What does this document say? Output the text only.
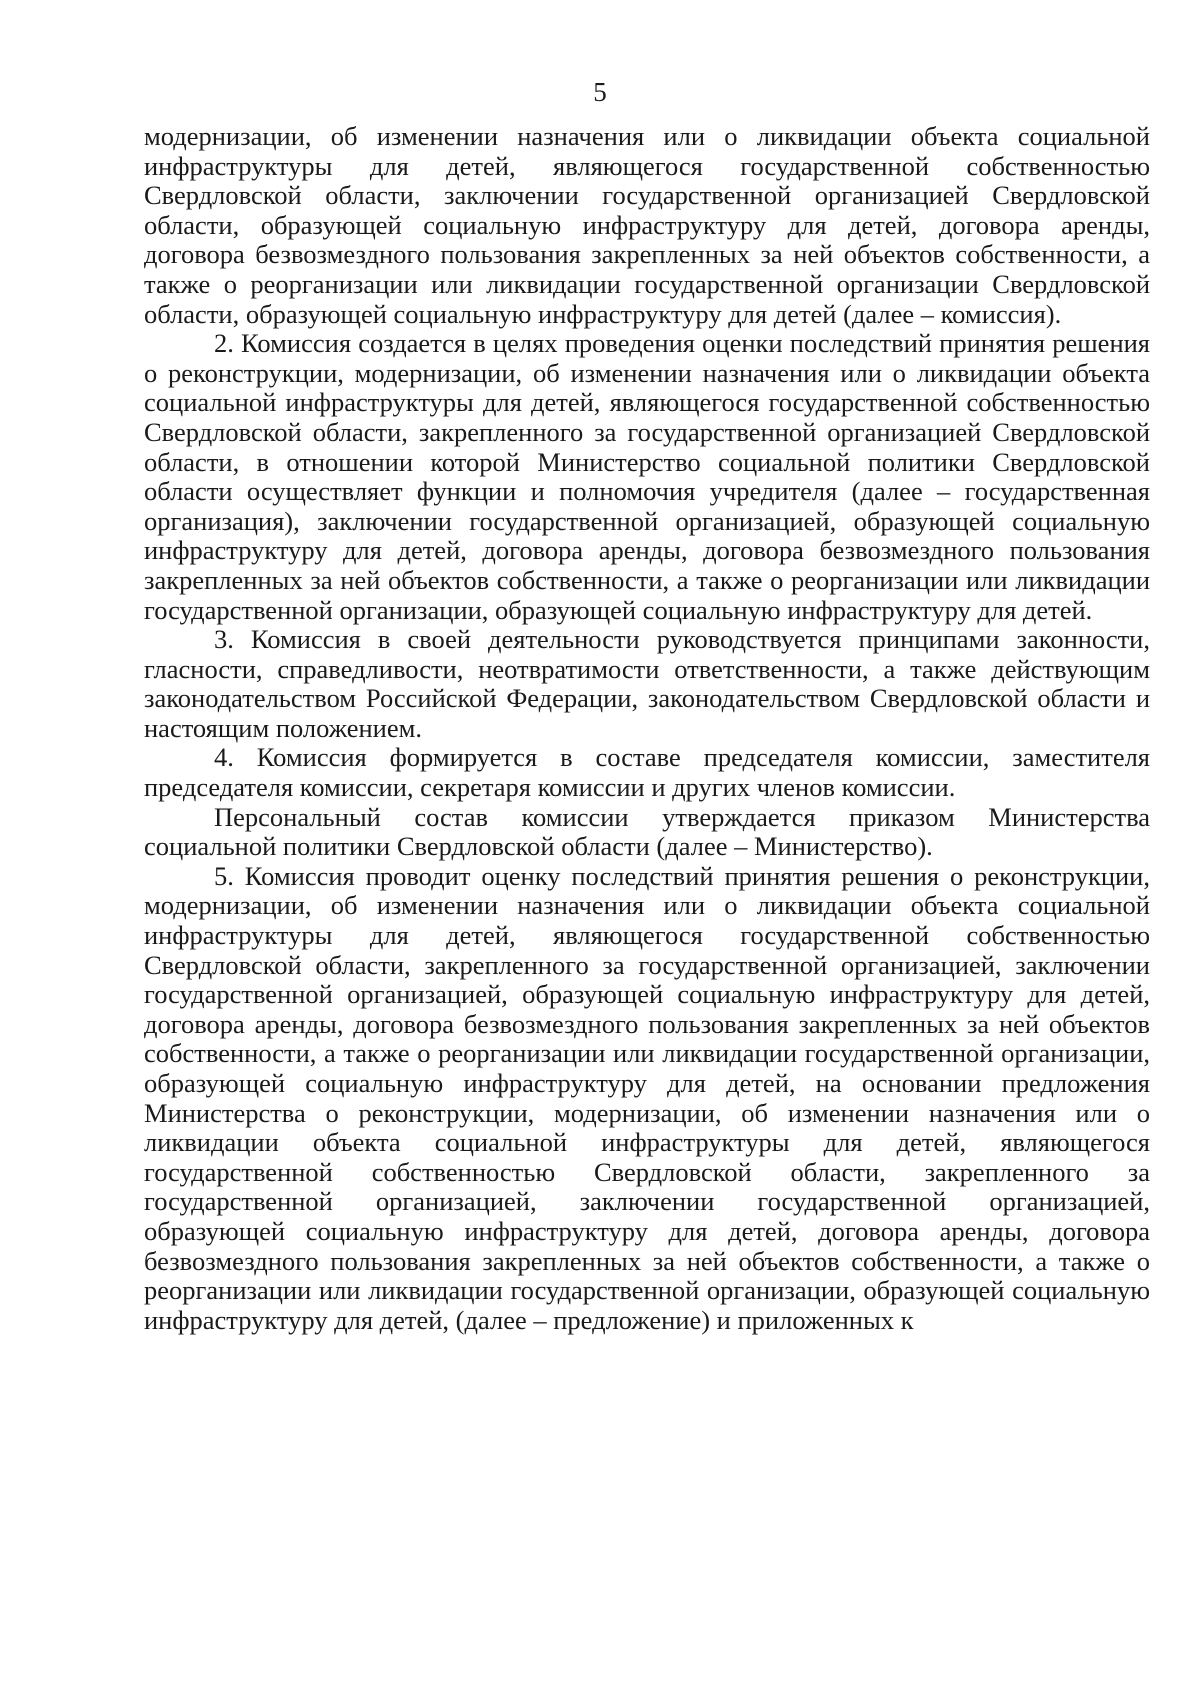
5

модернизации, об изменении назначения или о ликвидации объекта социальной инфраструктуры для детей, являющегося государственной собственностью Свердловской области, заключении государственной организацией Свердловской области, образующей социальную инфраструктуру для детей, договора аренды, договора безвозмездного пользования закрепленных за ней объектов собственности, а также о реорганизации или ликвидации государственной организации Свердловской области, образующей социальную инфраструктуру для детей (далее – комиссия).

2. Комиссия создается в целях проведения оценки последствий принятия решения о реконструкции, модернизации, об изменении назначения или о ликвидации объекта социальной инфраструктуры для детей, являющегося государственной собственностью Свердловской области, закрепленного за государственной организацией Свердловской области, в отношении которой Министерство социальной политики Свердловской области осуществляет функции и полномочия учредителя (далее – государственная организация), заключении государственной организацией, образующей социальную инфраструктуру для детей, договора аренды, договора безвозмездного пользования закрепленных за ней объектов собственности, а также о реорганизации или ликвидации государственной организации, образующей социальную инфраструктуру для детей.

3. Комиссия в своей деятельности руководствуется принципами законности, гласности, справедливости, неотвратимости ответственности, а также действующим законодательством Российской Федерации, законодательством Свердловской области и настоящим положением.

4. Комиссия формируется в составе председателя комиссии, заместителя председателя комиссии, секретаря комиссии и других членов комиссии.

Персональный состав комиссии утверждается приказом Министерства социальной политики Свердловской области (далее – Министерство).

5. Комиссия проводит оценку последствий принятия решения о реконструкции, модернизации, об изменении назначения или о ликвидации объекта социальной инфраструктуры для детей, являющегося государственной собственностью Свердловской области, закрепленного за государственной организацией, заключении государственной организацией, образующей социальную инфраструктуру для детей, договора аренды, договора безвозмездного пользования закрепленных за ней объектов собственности, а также о реорганизации или ликвидации государственной организации, образующей социальную инфраструктуру для детей, на основании предложения Министерства о реконструкции, модернизации, об изменении назначения или о ликвидации объекта социальной инфраструктуры для детей, являющегося государственной собственностью Свердловской области, закрепленного за государственной организацией, заключении государственной организацией, образующей социальную инфраструктуру для детей, договора аренды, договора безвозмездного пользования закрепленных за ней объектов собственности, а также о реорганизации или ликвидации государственной организации, образующей социальную инфраструктуру для детей, (далее – предложение) и приложенных к
